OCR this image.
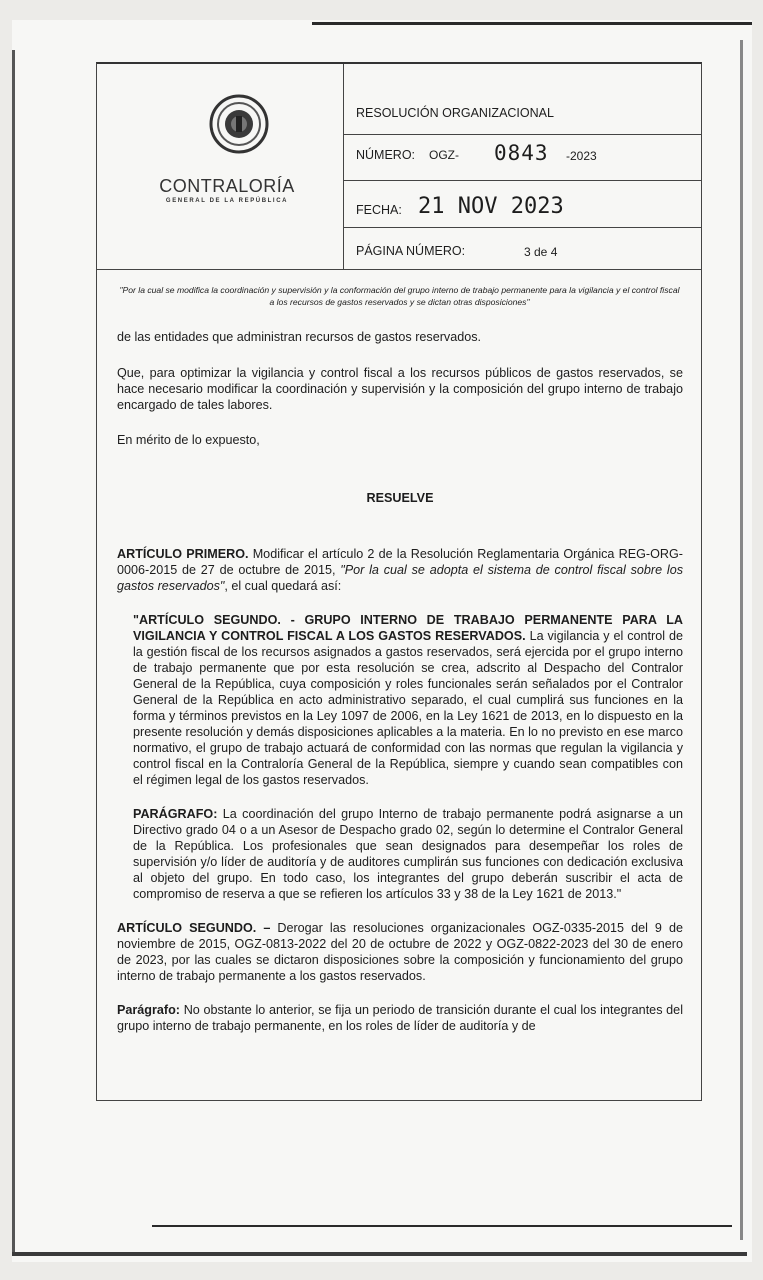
CONTRALORÍA
GENERAL DE LA REPÚBLICA
RESOLUCIÓN ORGANIZACIONAL
NÚMERO: OGZ- 0843 -2023
FECHA: 21 NOV 2023
PÁGINA NÚMERO:	3 de 4
"Por la cual se modifica la coordinación y supervisión y la conformación del grupo interno de trabajo permanente para la vigilancia y el control fiscal a los recursos de gastos reservados y se dictan otras disposiciones"

de las entidades que administran recursos de gastos reservados.

Que, para optimizar la vigilancia y control fiscal a los recursos públicos de gastos reservados, se hace necesario modificar la coordinación y supervisión y la composición del grupo interno de trabajo encargado de tales labores.

En mérito de lo expuesto,

RESUELVE

ARTÍCULO PRIMERO. Modificar el artículo 2 de la Resolución Reglamentaria Orgánica REG-ORG-0006-2015 de 27 de octubre de 2015, "Por la cual se adopta el sistema de control fiscal sobre los gastos reservados", el cual quedará así:

"ARTÍCULO SEGUNDO. - GRUPO INTERNO DE TRABAJO PERMANENTE PARA LA VIGILANCIA Y CONTROL FISCAL A LOS GASTOS RESERVADOS. La vigilancia y el control de la gestión fiscal de los recursos asignados a gastos reservados, será ejercida por el grupo interno de trabajo permanente que por esta resolución se crea, adscrito al Despacho del Contralor General de la República, cuya composición y roles funcionales serán señalados por el Contralor General de la República en acto administrativo separado, el cual cumplirá sus funciones en la forma y términos previstos en la Ley 1097 de 2006, en la Ley 1621 de 2013, en lo dispuesto en la presente resolución y demás disposiciones aplicables a la materia. En lo no previsto en ese marco normativo, el grupo de trabajo actuará de conformidad con las normas que regulan la vigilancia y control fiscal en la Contraloría General de la República, siempre y cuando sean compatibles con el régimen legal de los gastos reservados.

PARÁGRAFO: La coordinación del grupo Interno de trabajo permanente podrá asignarse a un Directivo grado 04 o a un Asesor de Despacho grado 02, según lo determine el Contralor General de la República. Los profesionales que sean designados para desempeñar los roles de supervisión y/o líder de auditoría y de auditores cumplirán sus funciones con dedicación exclusiva al objeto del grupo. En todo caso, los integrantes del grupo deberán suscribir el acta de compromiso de reserva a que se refieren los artículos 33 y 38 de la Ley 1621 de 2013."

ARTÍCULO SEGUNDO. – Derogar las resoluciones organizacionales OGZ-0335-2015 del 9 de noviembre de 2015, OGZ-0813-2022 del 20 de octubre de 2022 y OGZ-0822-2023 del 30 de enero de 2023, por las cuales se dictaron disposiciones sobre la composición y funcionamiento del grupo interno de trabajo permanente a los gastos reservados.

Parágrafo: No obstante lo anterior, se fija un periodo de transición durante el cual los integrantes del grupo interno de trabajo permanente, en los roles de líder de auditoría y de
